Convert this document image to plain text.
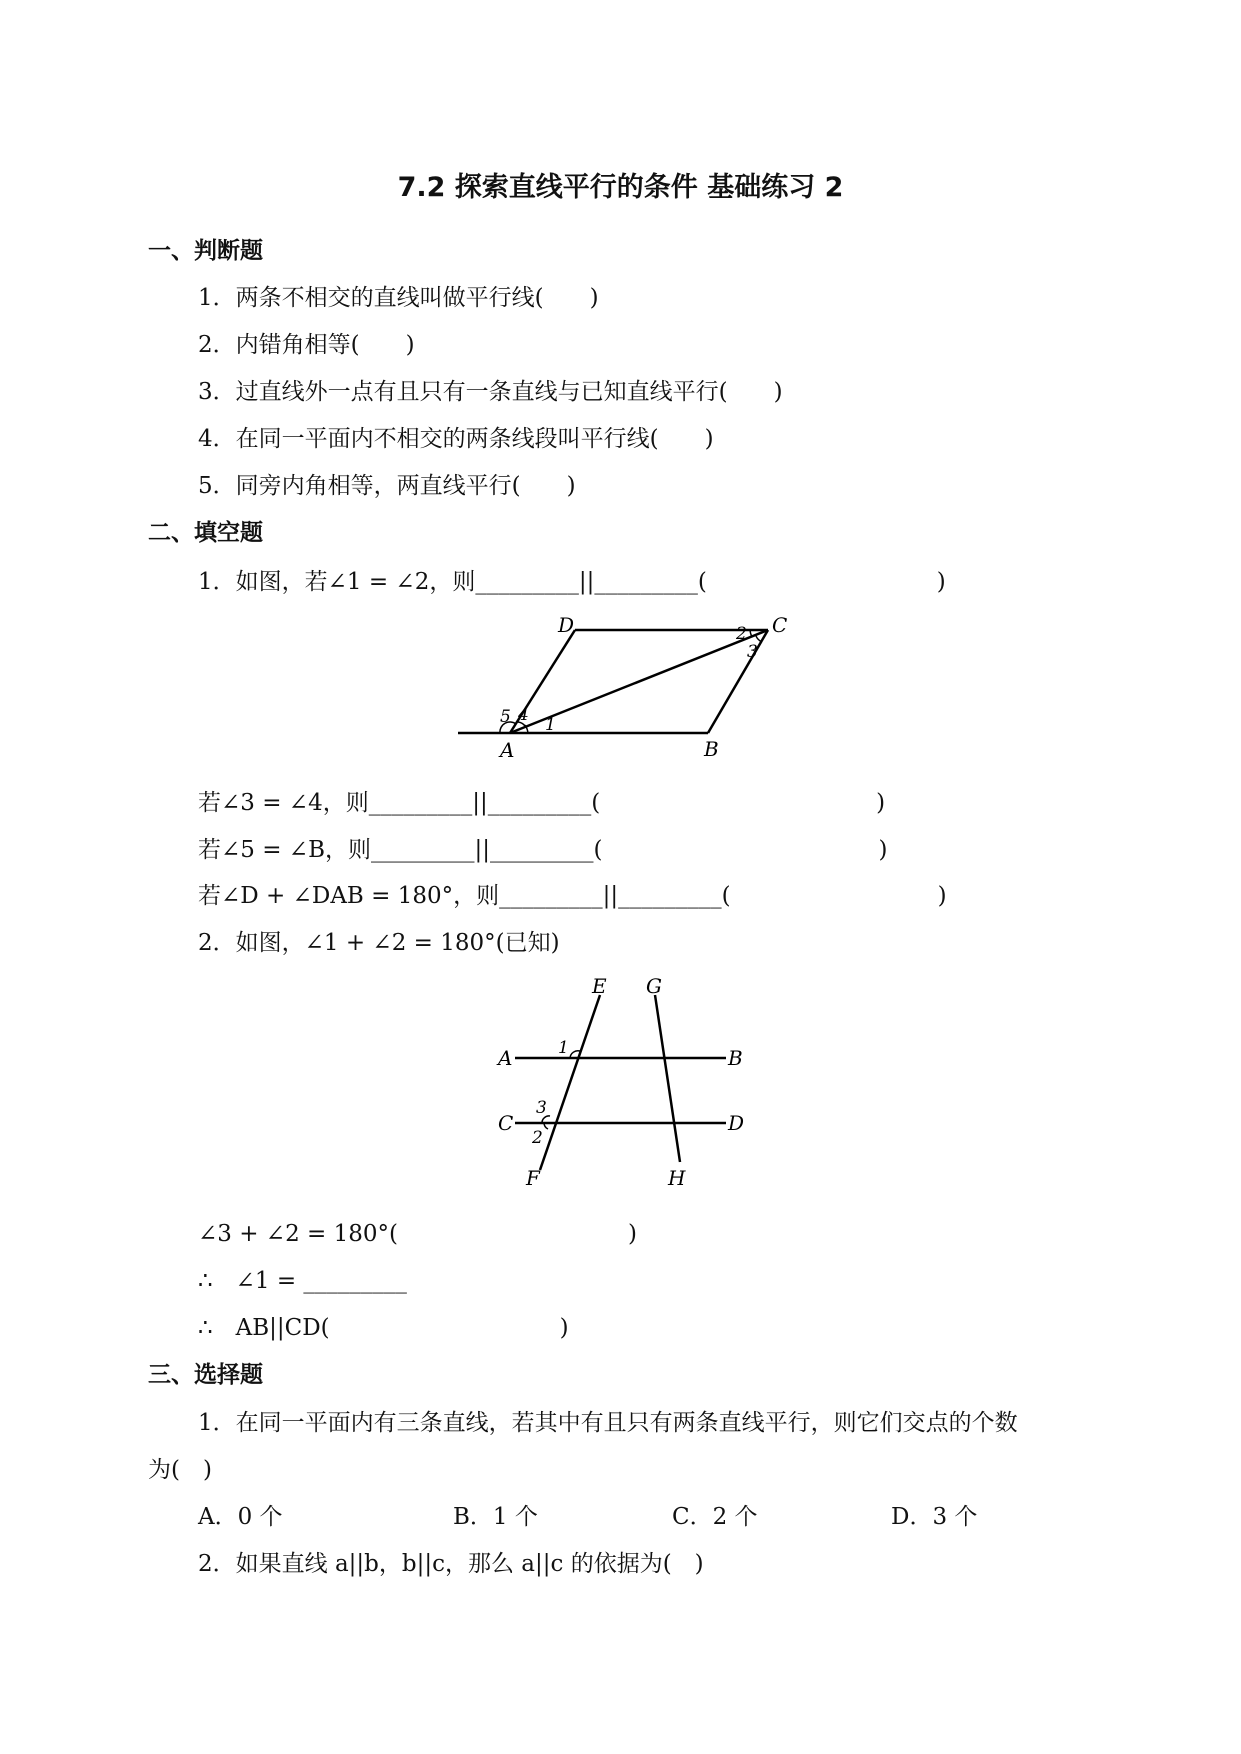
7.2 探索直线平行的条件 基础练习 2
一、判断题
1．两条不相交的直线叫做平行线(　　)
2．内错角相等(　　)
3．过直线外一点有且只有一条直线与已知直线平行(　　)
4．在同一平面内不相交的两条线段叫平行线(　　)
5．同旁内角相等，两直线平行(　　)
二、填空题
1．如图，若∠1 = ∠2，则_________||_________(　　　　　　　　　　)
A	B
C
D
1
2
3
4
5
若∠3 = ∠4，则_________||_________(　　　　　　　　　　　　)
若∠5 = ∠B，则_________||_________(　　　　　　　　　　　　)
若∠D + ∠DAB = 180°，则_________||_________(　　　　　　　　　)
2．如图，∠1 + ∠2 = 180°(已知)
E G
A	B
C	D
F	H
1
2
3
∠3 + ∠2 = 180°(　　　　　　　　　　)
∴　∠1 = _________
∴　AB||CD(　　　　　　　　　　)
三、选择题
1．在同一平面内有三条直线，若其中有且只有两条直线平行，则它们交点的个数
为(　)
A．0 个	B．1 个	C．2 个	D．3 个
2．如果直线 a||b，b||c，那么 a||c 的依据为(　)
